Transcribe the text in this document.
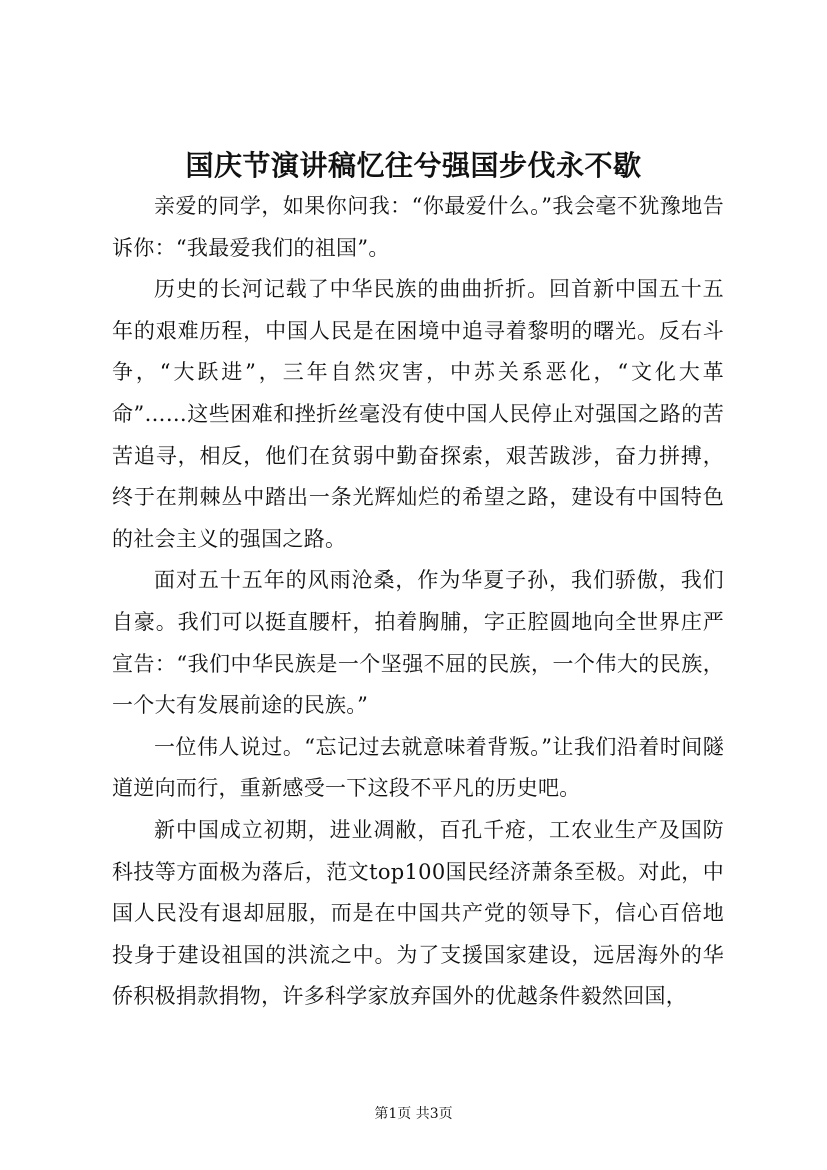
国庆节演讲稿忆往兮强国步伐永不歇

亲爱的同学，如果你问我：“你最爱什么。”我会毫不犹豫地告诉你：“我最爱我们的祖国”。

历史的长河记载了中华民族的曲曲折折。回首新中国五十五年的艰难历程，中国人民是在困境中追寻着黎明的曙光。反右斗争，“大跃进”，三年自然灾害，中苏关系恶化，“文化大革命”……这些困难和挫折丝毫没有使中国人民停止对强国之路的苦苦追寻，相反，他们在贫弱中勤奋探索，艰苦跋涉，奋力拼搏，终于在荆棘丛中踏出一条光辉灿烂的希望之路，建设有中国特色的社会主义的强国之路。

面对五十五年的风雨沧桑，作为华夏子孙，我们骄傲，我们自豪。我们可以挺直腰杆，拍着胸脯，字正腔圆地向全世界庄严宣告：“我们中华民族是一个坚强不屈的民族，一个伟大的民族，一个大有发展前途的民族。”

一位伟人说过。“忘记过去就意味着背叛。”让我们沿着时间隧道逆向而行，重新感受一下这段不平凡的历史吧。

新中国成立初期，进业凋敝，百孔千疮，工农业生产及国防科技等方面极为落后，范文top100国民经济萧条至极。对此，中国人民没有退却屈服，而是在中国共产党的领导下，信心百倍地投身于建设祖国的洪流之中。为了支援国家建设，远居海外的华侨积极捐款捐物，许多科学家放弃国外的优越条件毅然回国，

第1页 共3页
